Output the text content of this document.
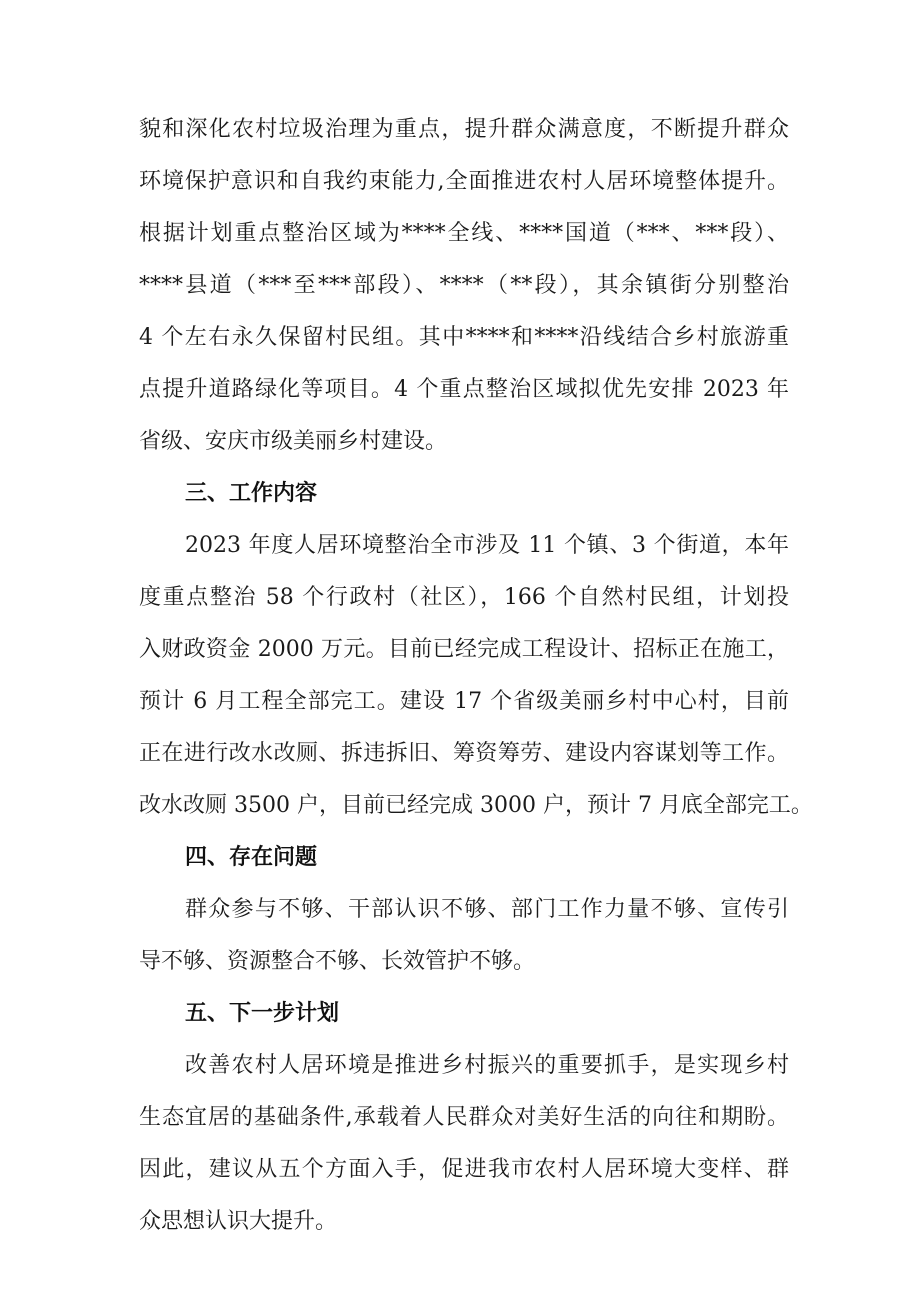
貌和深化农村垃圾治理为重点，提升群众满意度，不断提升群众
环境保护意识和自我约束能力,全面推进农村人居环境整体提升。
根据计划重点整治区域为****全线、****国道（***、***段）、
****县道（***至***部段）、****（**段），其余镇街分别整治
4 个左右永久保留村民组。其中****和****沿线结合乡村旅游重
点提升道路绿化等项目。4 个重点整治区域拟优先安排 2023 年
省级、安庆市级美丽乡村建设。
三、工作内容
2023 年度人居环境整治全市涉及 11 个镇、3 个街道，本年
度重点整治 58 个行政村（社区），166 个自然村民组，计划投
入财政资金 2000 万元。目前已经完成工程设计、招标正在施工，
预计 6 月工程全部完工。建设 17 个省级美丽乡村中心村，目前
正在进行改水改厕、拆违拆旧、筹资筹劳、建设内容谋划等工作。
改水改厕 3500 户，目前已经完成 3000 户，预计 7 月底全部完工。
四、存在问题
群众参与不够、干部认识不够、部门工作力量不够、宣传引
导不够、资源整合不够、长效管护不够。
五、下一步计划
改善农村人居环境是推进乡村振兴的重要抓手，是实现乡村
生态宜居的基础条件,承载着人民群众对美好生活的向往和期盼。
因此，建议从五个方面入手，促进我市农村人居环境大变样、群
众思想认识大提升。
